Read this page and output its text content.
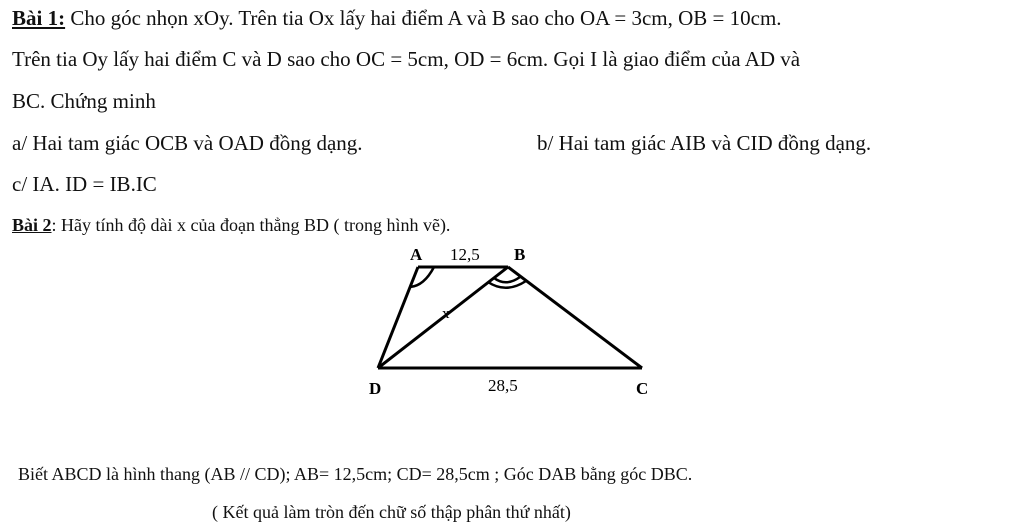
Bài 1: Cho góc nhọn xOy. Trên tia Ox lấy hai điểm A và B sao cho OA = 3cm, OB = 10cm.
Trên tia Oy lấy hai điểm C và D sao cho OC = 5cm, OD = 6cm. Gọi I là giao điểm của AD và
BC. Chứng minh
a/ Hai tam giác OCB và OAD đồng dạng.	b/ Hai tam giác AIB và CID đồng dạng.
c/ IA. ID = IB.IC
Bài 2: Hãy tính độ dài x của đoạn thẳng BD ( trong hình vẽ).
A 12,5 B
x
D	28,5	C
Biết ABCD là hình thang (AB // CD); AB= 12,5cm; CD= 28,5cm ; Góc DAB bằng góc DBC.
( Kết quả làm tròn đến chữ số thập phân thứ nhất)
